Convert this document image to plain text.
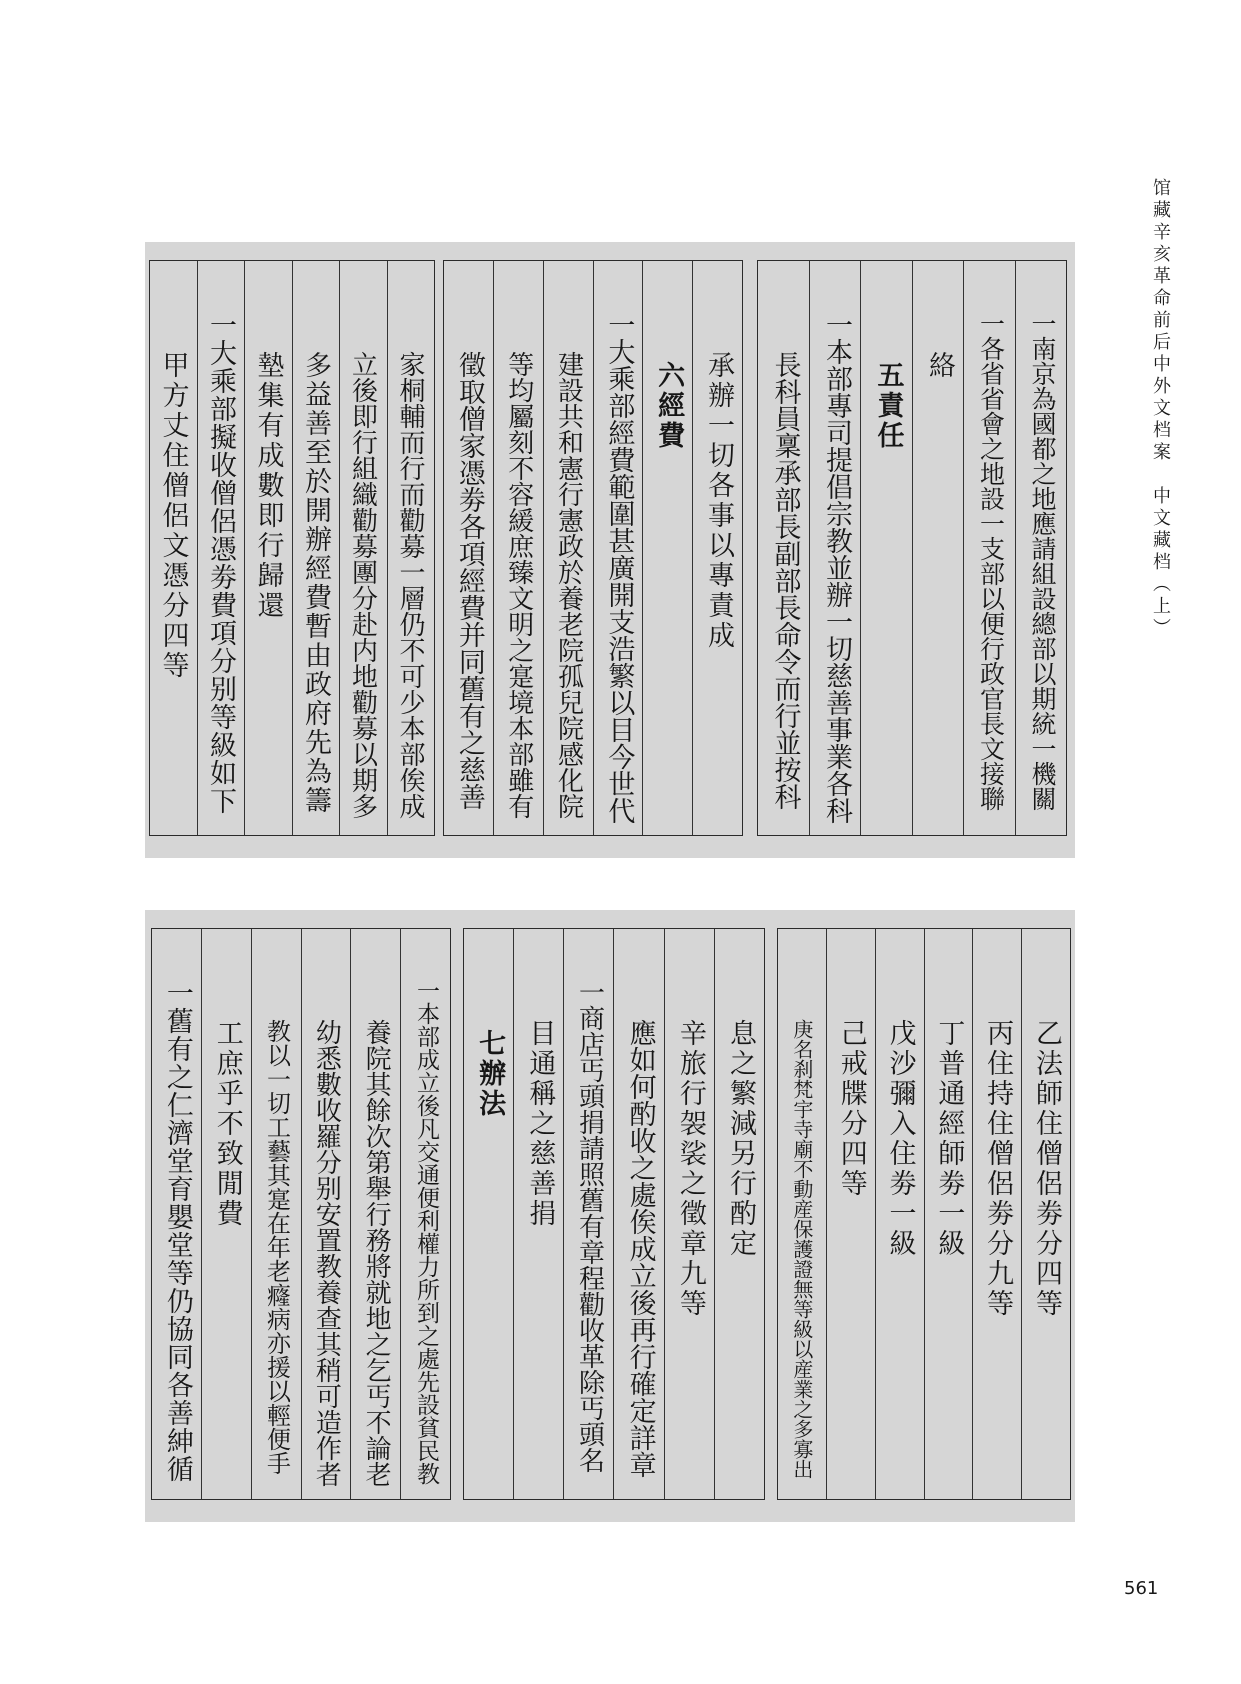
馆藏辛亥革命前后中外文档案　中文藏档（上）
一南京為國都之地應請組設總部以期統一機關
一各省省會之地設一支部以便行政官長文接聯
絡
五責任
一本部專司提倡宗教並辦一切慈善事業各科
長科員稟承部長副部長命令而行並按科
承辦一切各事以專責成
六經費
一大乘部經費範圍甚廣開支浩繁以目今世代
建設共和憲行憲政於養老院孤兒院感化院
等均屬刻不容緩庶臻文明之寔境本部雖有
徵取僧家憑劵各項經費并同舊有之慈善
家桐輔而行而勸募一層仍不可少本部俟成
立後即行組織勸募團分赴内地勸募以期多
多益善至於開辦經費暫由政府先為籌
墊集有成數即行歸還
一大乘部擬收僧侶憑劵費項分别等級如下
甲方丈住僧侶文憑分四等
乙法師住僧侶劵分四等
丙住持住僧侶劵分九等
丁普通經師劵一級
戊沙彌入住劵一級
己戒牒分四等
庚名刹梵宇寺廟不動産保護證無等級以産業之多寡出
息之繁減另行酌定
辛旅行袈裟之徵章九等
應如何酌收之處俟成立後再行確定詳章
一商店丐頭捐請照舊有章程勸收革除丐頭名
目通稱之慈善捐
七辦法
一本部成立後凡交通便利權力所到之處先設貧民教
養院其餘次第舉行務將就地之乞丐不論老
幼悉數收羅分别安置教養查其稍可造作者
教以一切工藝其寔在年老癃病亦援以輕便手
工庶乎不致閒費
一舊有之仁濟堂育嬰堂等仍協同各善紳循
561
